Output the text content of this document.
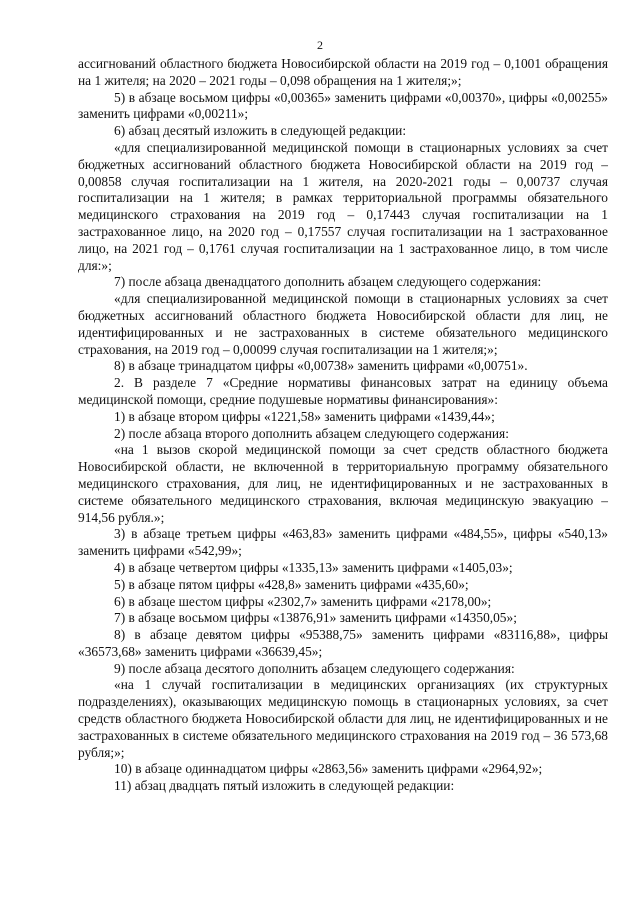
2

ассигнований областного бюджета Новосибирской области на 2019 год – 0,1001 обращения на 1 жителя; на 2020 – 2021 годы – 0,098 обращения на 1 жителя;»;

5) в абзаце восьмом цифры «0,00365» заменить цифрами «0,00370», цифры «0,00255» заменить цифрами «0,00211»;

6) абзац десятый изложить в следующей редакции:

«для специализированной медицинской помощи в стационарных условиях за счет бюджетных ассигнований областного бюджета Новосибирской области на 2019 год – 0,00858 случая госпитализации на 1 жителя, на 2020-2021 годы – 0,00737 случая госпитализации на 1 жителя; в рамках территориальной программы обязательного медицинского страхования на 2019 год – 0,17443 случая госпитализации на 1 застрахованное лицо, на 2020 год – 0,17557 случая госпитализации на 1 застрахованное лицо, на 2021 год – 0,1761 случая госпитализации на 1 застрахованное лицо, в том числе для:»;

7) после абзаца двенадцатого дополнить абзацем следующего содержания:

«для специализированной медицинской помощи в стационарных условиях за счет бюджетных ассигнований областного бюджета Новосибирской области для лиц, не идентифицированных и не застрахованных в системе обязательного медицинского страхования, на 2019 год – 0,00099 случая госпитализации на 1 жителя;»;

8) в абзаце тринадцатом цифры «0,00738» заменить цифрами «0,00751».

2. В разделе 7 «Средние нормативы финансовых затрат на единицу объема медицинской помощи, средние подушевые нормативы финансирования»:

1) в абзаце втором цифры «1221,58» заменить цифрами «1439,44»;

2) после абзаца второго дополнить абзацем следующего содержания:

«на 1 вызов скорой медицинской помощи за счет средств областного бюджета Новосибирской области, не включенной в территориальную программу обязательного медицинского страхования, для лиц, не идентифицированных и не застрахованных в системе обязательного медицинского страхования, включая медицинскую эвакуацию – 914,56 рубля.»;

3) в абзаце третьем цифры «463,83» заменить цифрами «484,55», цифры «540,13» заменить цифрами «542,99»;

4) в абзаце четвертом цифры «1335,13» заменить цифрами «1405,03»;

5) в абзаце пятом цифры «428,8» заменить цифрами «435,60»;

6) в абзаце шестом цифры «2302,7» заменить цифрами «2178,00»;

7) в абзаце восьмом цифры «13876,91» заменить цифрами «14350,05»;

8) в абзаце девятом цифры «95388,75» заменить цифрами «83116,88», цифры «36573,68» заменить цифрами «36639,45»;

9) после абзаца десятого дополнить абзацем следующего содержания:

«на 1 случай госпитализации в медицинских организациях (их структурных подразделениях), оказывающих медицинскую помощь в стационарных условиях, за счет средств областного бюджета Новосибирской области для лиц, не идентифицированных и не застрахованных в системе обязательного медицинского страхования на 2019 год – 36 573,68 рубля;»;

10) в абзаце одиннадцатом цифры «2863,56» заменить цифрами «2964,92»;

11) абзац двадцать пятый изложить в следующей редакции:
